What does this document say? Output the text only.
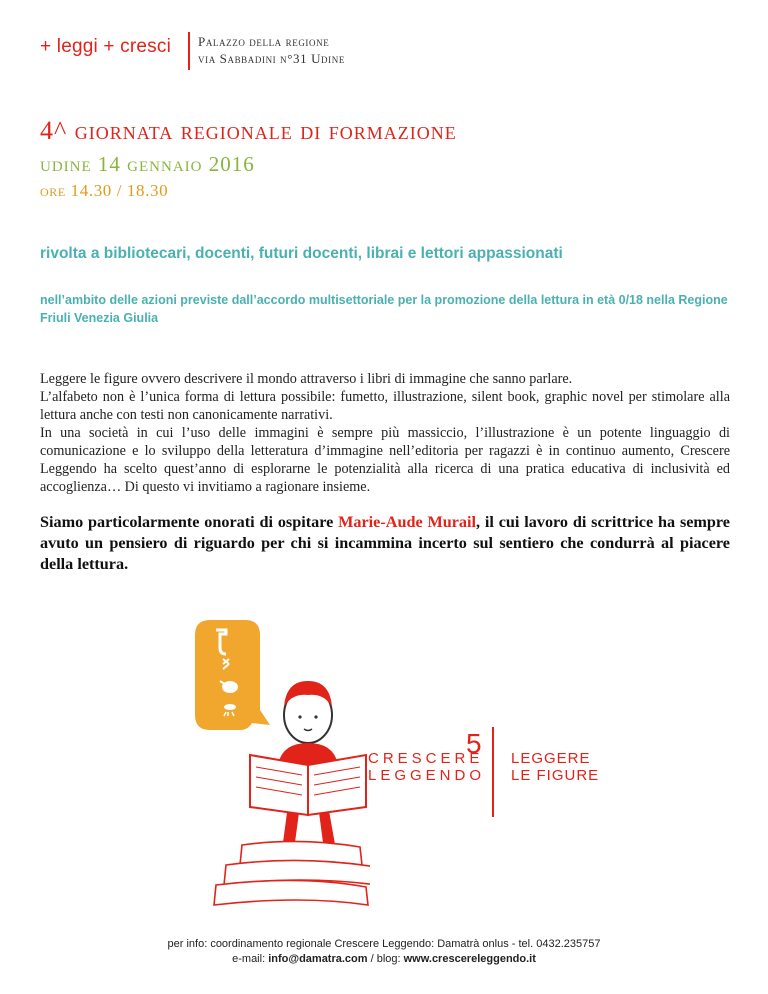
+ leggi + cresci Palazzo della regione
via Sabbadini n°31 Udine
4^ giornata regionale di formazione
udine 14 gennaio 2016
ore 14.30 / 18.30
rivolta a bibliotecari, docenti, futuri docenti, librai e lettori appassionati
nell’ambito delle azioni previste dall’accordo multisettoriale per la promozione della lettura in età 0/18 nella Regione Friuli Venezia Giulia

Leggere le figure ovvero descrivere il mondo attraverso i libri di immagine che sanno parlare.

L’alfabeto non è l’unica forma di lettura possibile: fumetto, illustrazione, silent book, graphic novel per stimolare alla lettura anche con testi non canonicamente narrativi.

In una società in cui l’uso delle immagini è sempre più massiccio, l’illustrazione è un potente linguaggio di comunicazione e lo sviluppo della letteratura d’immagine nell’editoria per ragazzi è in continuo aumento, Crescere Leggendo ha scelto quest’anno di esplorarne le potenzialità alla ricerca di una pratica educativa di inclusività ed accoglienza… Di questo vi invitiamo a ragionare insieme.

Siamo particolarmente onorati di ospitare Marie-Aude Murail, il cui lavoro di scrittrice ha sempre avuto un pensiero di riguardo per chi si incammina incerto sul sentiero che condurrà al piacere della lettura.
CRESCERE
LEGGENDO
5 LEGGERE
LE FIGURE
per info: coordinamento regionale Crescere Leggendo: Damatrà onlus - tel. 0432.235757
e-mail: info@damatra.com / blog: www.crescereleggendo.it
